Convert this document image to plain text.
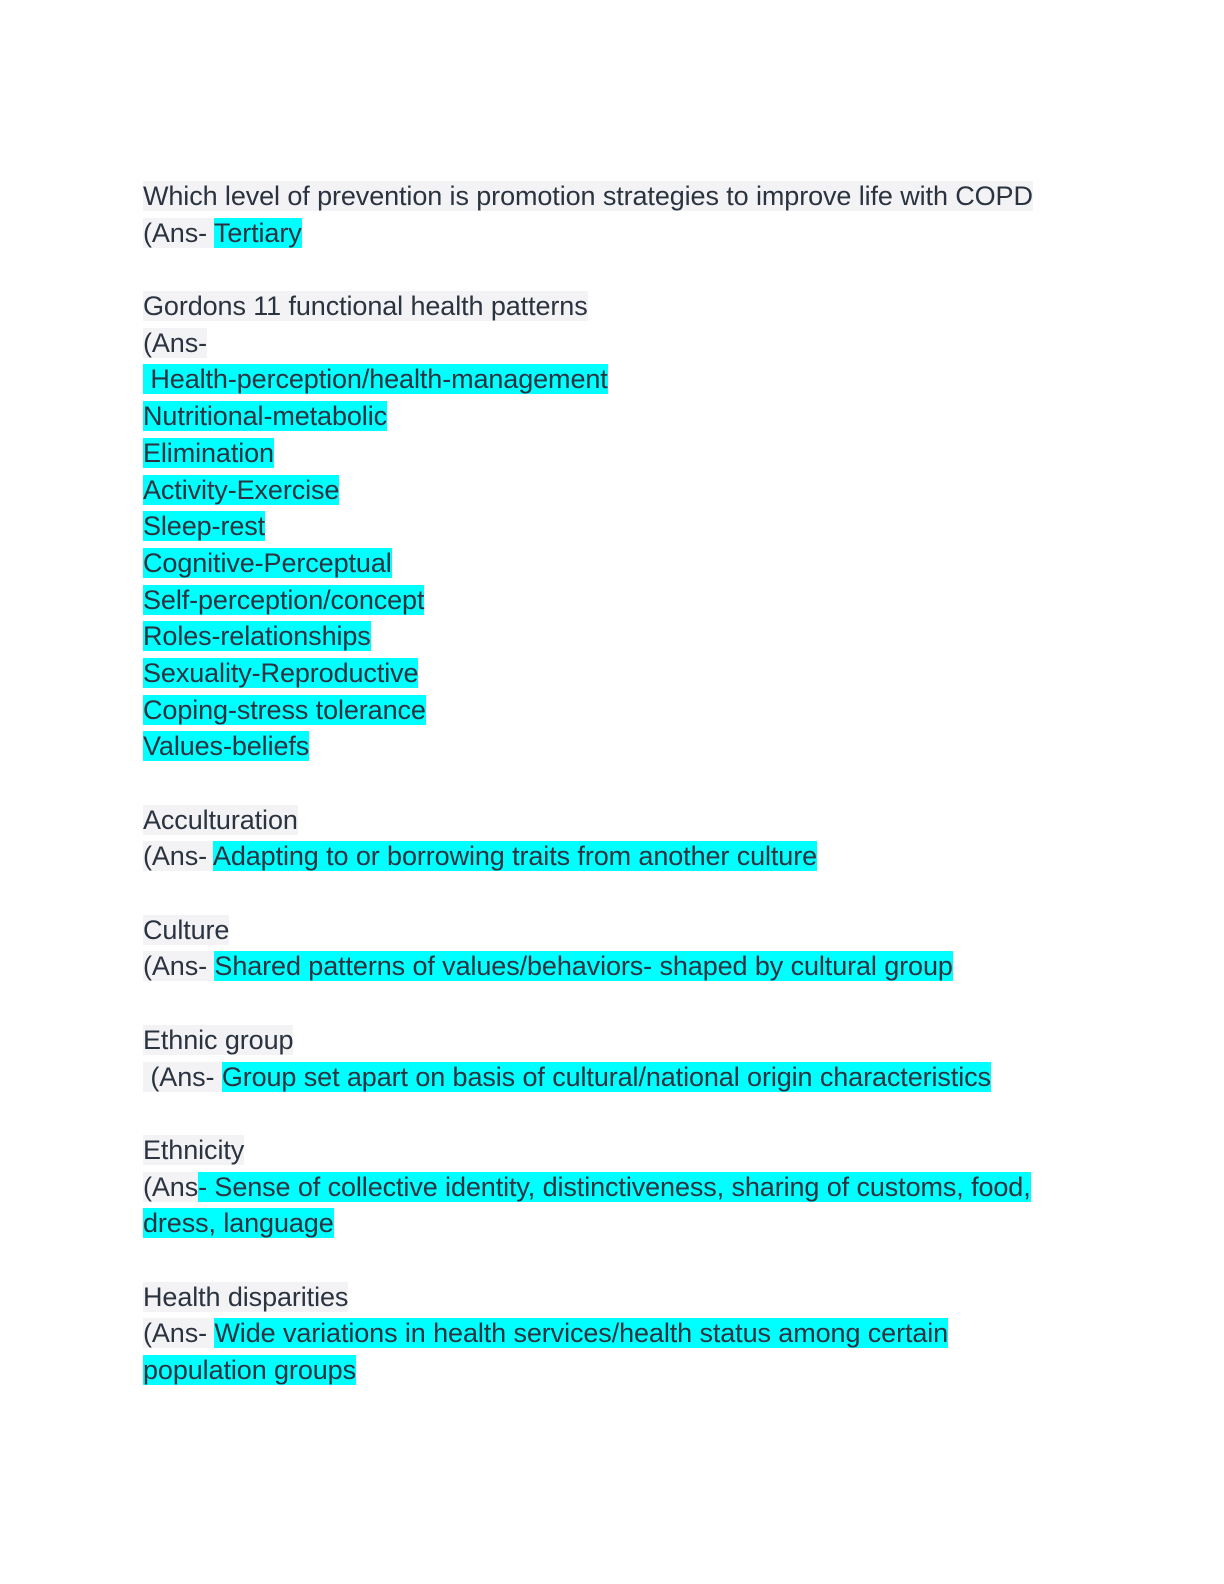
Which level of prevention is promotion strategies to improve life with COPD
(Ans- Tertiary
Gordons 11 functional health patterns
(Ans-
Health-perception/health-management
Nutritional-metabolic
Elimination
Activity-Exercise
Sleep-rest
Cognitive-Perceptual
Self-perception/concept
Roles-relationships
Sexuality-Reproductive
Coping-stress tolerance
Values-beliefs
Acculturation
(Ans- Adapting to or borrowing traits from another culture
Culture
(Ans- Shared patterns of values/behaviors- shaped by cultural group
Ethnic group
(Ans- Group set apart on basis of cultural/national origin characteristics
Ethnicity
(Ans- Sense of collective identity, distinctiveness, sharing of customs, food,
dress, language
Health disparities
(Ans- Wide variations in health services/health status among certain
population groups
